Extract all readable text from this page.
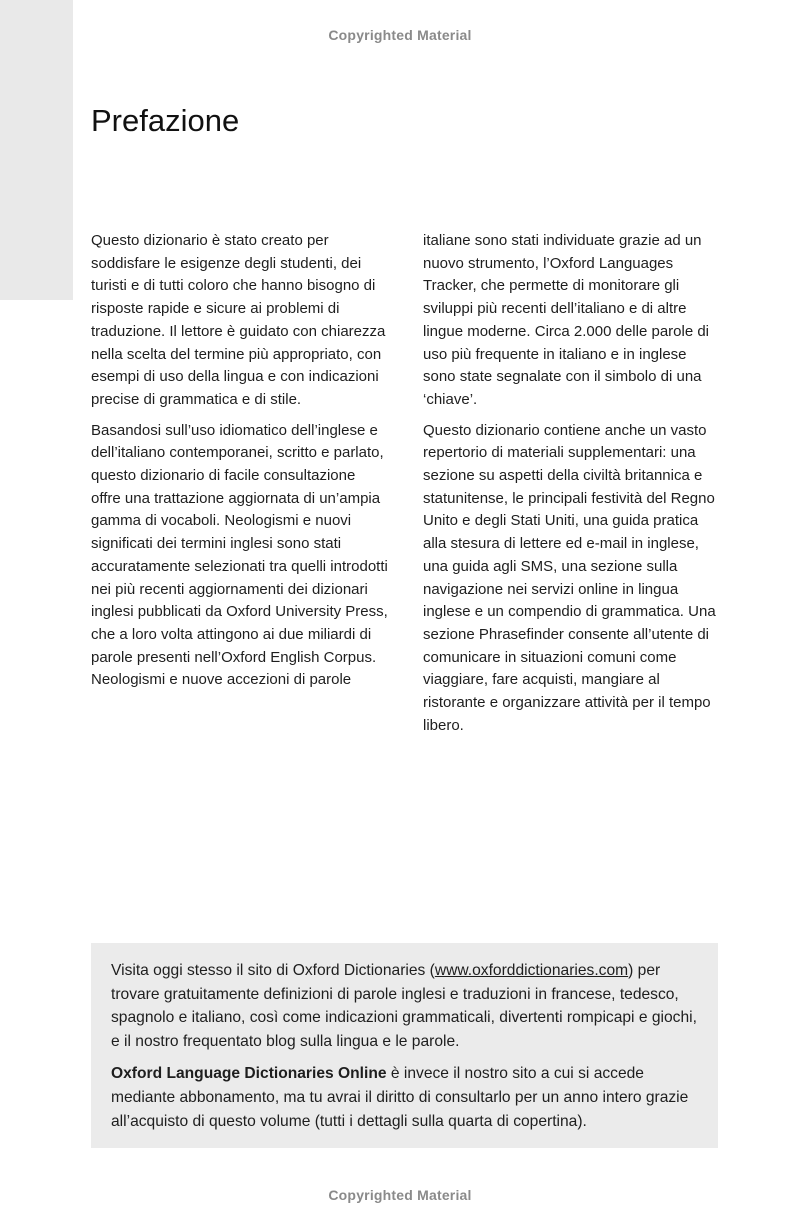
Copyrighted Material
Prefazione

Questo dizionario è stato creato per soddisfare le esigenze degli studenti, dei turisti e di tutti coloro che hanno bisogno di risposte rapide e sicure ai problemi di traduzione. Il lettore è guidato con chiarezza nella scelta del termine più appropriato, con esempi di uso della lingua e con indicazioni precise di grammatica e di stile.

Basandosi sull’uso idiomatico dell’inglese e dell’italiano contemporanei, scritto e parlato, questo dizionario di facile consultazione offre una trattazione aggiornata di un’ampia gamma di vocaboli. Neologismi e nuovi significati dei termini inglesi sono stati accuratamente selezionati tra quelli introdotti nei più recenti aggiornamenti dei dizionari inglesi pubblicati da Oxford University Press, che a loro volta attingono ai due miliardi di parole presenti nell’Oxford English Corpus. Neologismi e nuove accezioni di parole

italiane sono stati individuate grazie ad un nuovo strumento, l’Oxford Languages Tracker, che permette di monitorare gli sviluppi più recenti dell’italiano e di altre lingue moderne. Circa 2.000 delle parole di uso più frequente in italiano e in inglese sono state segnalate con il simbolo di una ‘chiave’.

Questo dizionario contiene anche un vasto repertorio di materiali supplementari: una sezione su aspetti della civiltà britannica e statunitense, le principali festività del Regno Unito e degli Stati Uniti, una guida pratica alla stesura di lettere ed e-mail in inglese, una guida agli SMS, una sezione sulla navigazione nei servizi online in lingua inglese e un compendio di grammatica. Una sezione Phrasefinder consente all’utente di comunicare in situazioni comuni come viaggiare, fare acquisti, mangiare al ristorante e organizzare attività per il tempo libero.

Visita oggi stesso il sito di Oxford Dictionaries (www.oxforddictionaries.com) per trovare gratuitamente definizioni di parole inglesi e traduzioni in francese, tedesco, spagnolo e italiano, così come indicazioni grammaticali, divertenti rompicapi e giochi, e il nostro frequentato blog sulla lingua e le parole.

Oxford Language Dictionaries Online è invece il nostro sito a cui si accede mediante abbonamento, ma tu avrai il diritto di consultarlo per un anno intero grazie all’acquisto di questo volume (tutti i dettagli sulla quarta di copertina).

Copyrighted Material
